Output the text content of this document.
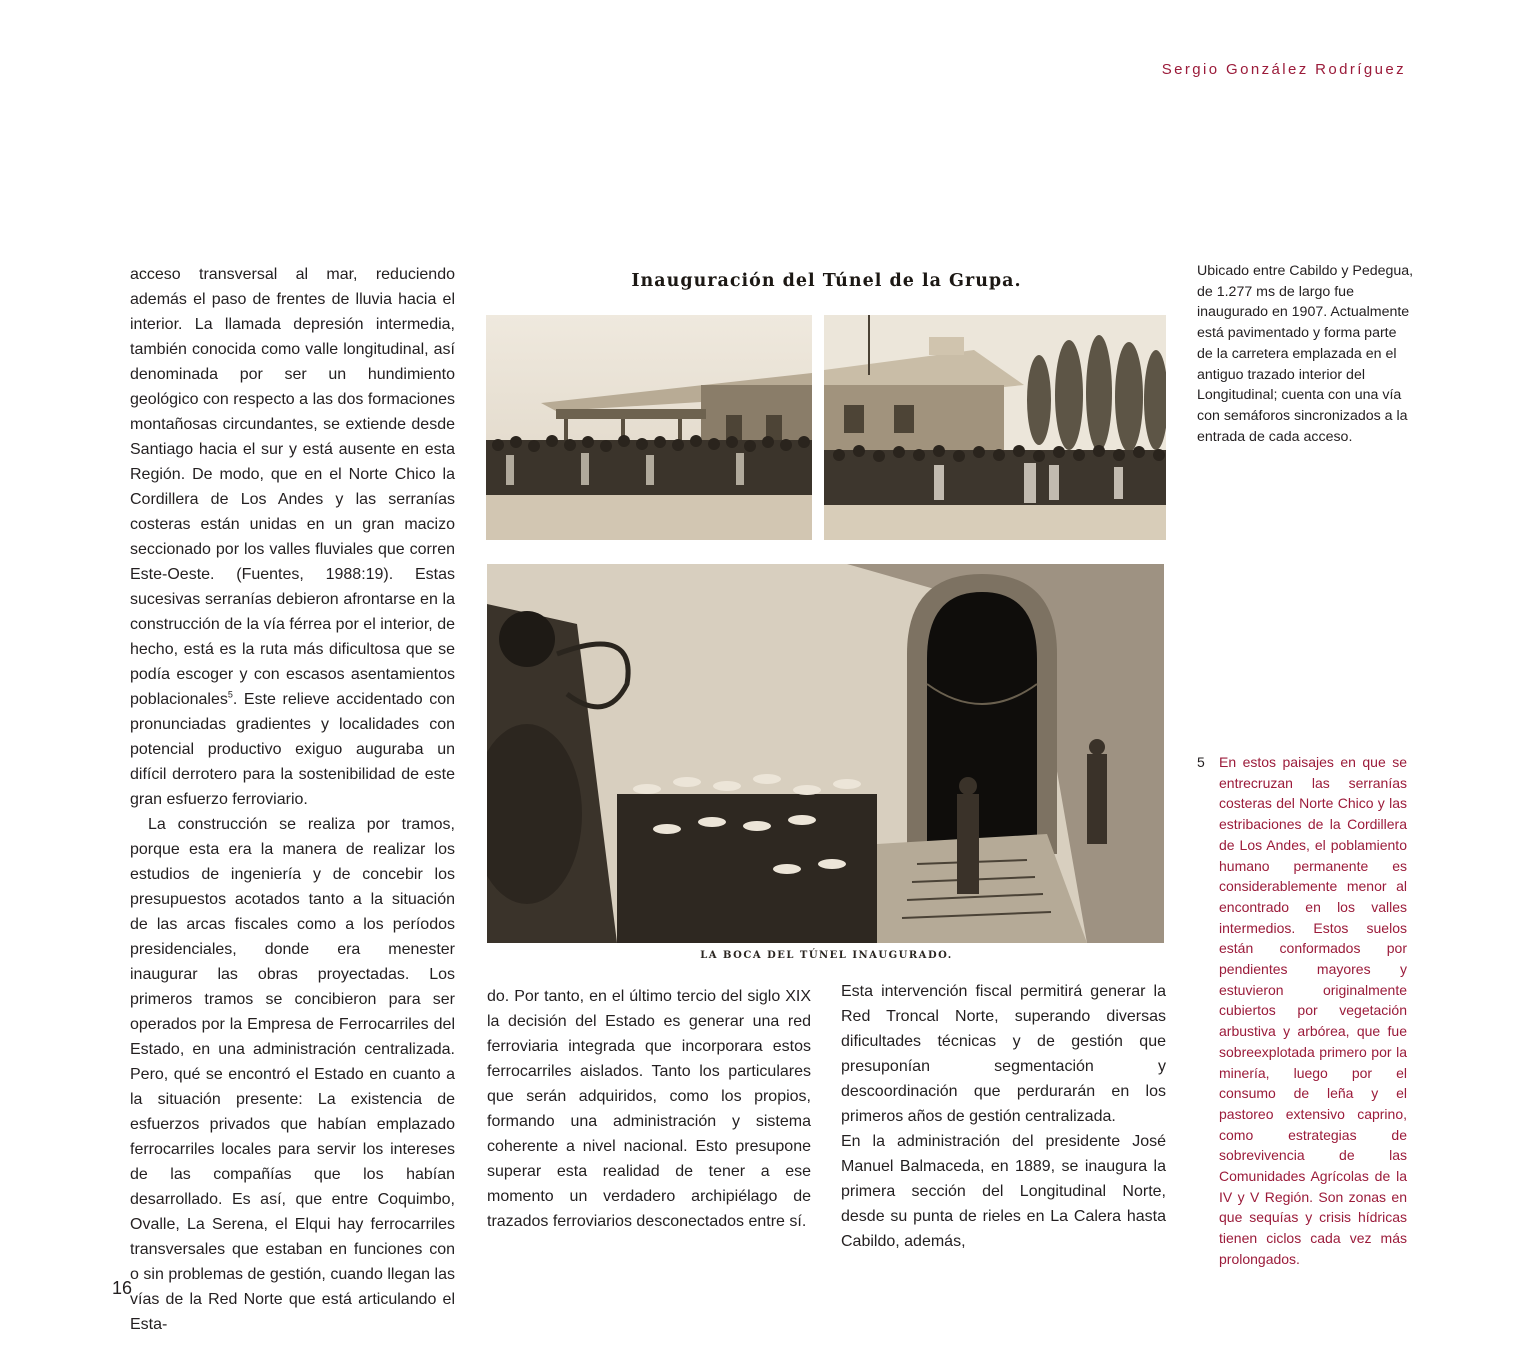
Sergio González Rodríguez

acceso transversal al mar, reduciendo además el paso de frentes de lluvia hacia el interior. La llamada depresión intermedia, también conocida como valle longitudinal, así denominada por ser un hundimiento geológico con respecto a las dos formaciones montañosas circundantes, se extiende desde Santiago hacia el sur y está ausente en esta Región. De modo, que en el Norte Chico la Cordillera de Los Andes y las serranías costeras están unidas en un gran macizo seccionado por los valles fluviales que corren Este-Oeste. (Fuentes, 1988:19). Estas sucesivas serranías debieron afrontarse en la construcción de la vía férrea por el interior, de hecho, está es la ruta más dificultosa que se podía escoger y con escasos asentamientos poblacionales$^5$. Este relieve accidentado con pronunciadas gradientes y localidades con potencial productivo exiguo auguraba un difícil derrotero para la sostenibilidad de este gran esfuerzo ferroviario.

La construcción se realiza por tramos, porque esta era la manera de realizar los estudios de ingeniería y de concebir los presupuestos acotados tanto a la situación de las arcas fiscales como a los períodos presidenciales, donde era menester inaugurar las obras proyectadas. Los primeros tramos se concibieron para ser operados por la Empresa de Ferrocarriles del Estado, en una administración centralizada. Pero, qué se encontró el Estado en cuanto a la situación presente: La existencia de esfuerzos privados que habían emplazado ferrocarriles locales para servir los intereses de las compañías que los habían desarrollado. Es así, que entre Coquimbo, Ovalle, La Serena, el Elqui hay ferrocarriles transversales que estaban en funciones con o sin problemas de gestión, cuando llegan las vías de la Red Norte que está articulando el Esta-

Inauguración del Túnel de la Grupa.
LA BOCA DEL TÚNEL INAUGURADO.

do. Por tanto, en el último tercio del siglo XIX la decisión del Estado es generar una red ferroviaria integrada que incorporara estos ferrocarriles aislados. Tanto los particulares que serán adquiridos, como los propios, formando una administración y sistema coherente a nivel nacional. Esto presupone superar esta realidad de tener a ese momento un verdadero archipiélago de trazados ferroviarios desconectados entre sí.

Esta intervención fiscal permitirá generar la Red Troncal Norte, superando diversas dificultades técnicas y de gestión que presuponían segmentación y descoordinación que perdurarán en los primeros años de gestión centralizada.

En la administración del presidente José Manuel Balmaceda, en 1889, se inaugura la primera sección del Longitudinal Norte, desde su punta de rieles en La Calera hasta Cabildo, además,

Ubicado entre Cabildo y Pedegua, de 1.277 ms de largo fue inaugurado en 1907. Actualmente está pavimentado y forma parte de la carretera emplazada en el antiguo trazado interior del Longitudinal; cuenta con una vía con semáforos sincronizados a la entrada de cada acceso.
5 En estos paisajes en que se entrecruzan las serranías costeras del Norte Chico y las estribaciones de la Cordillera de Los Andes, el poblamiento humano permanente es considerablemente menor al encontrado en los valles intermedios. Estos suelos están conformados por pendientes mayores y estuvieron originalmente cubiertos por vegetación arbustiva y arbórea, que fue sobreexplotada primero por la minería, luego por el consumo de leña y el pastoreo extensivo caprino, como estrategias de sobrevivencia de las Comunidades Agrícolas de la IV y V Región. Son zonas en que sequías y crisis hídricas tienen ciclos cada vez más prolongados.
16
